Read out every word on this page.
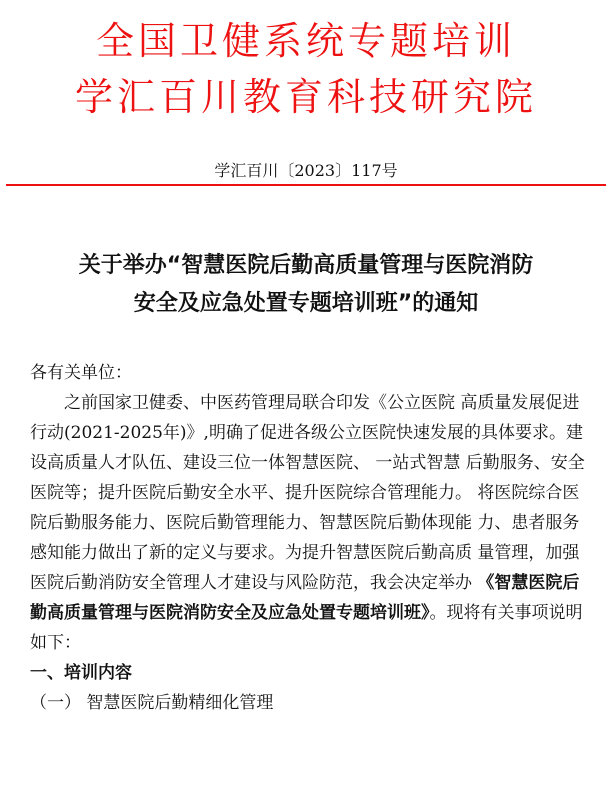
全国卫健系统专题培训
学汇百川教育科技研究院
学汇百川〔2023〕117号
关于举办“智慧医院后勤高质量管理与医院消防
安全及应急处置专题培训班”的通知

各有关单位：

之前国家卫健委、中医药管理局联合印发《公立医院 高质量发展促进行动(2021-2025年)》,明确了促进各级公立医院快速发展的具体要求。建设高质量人才队伍、建设三位一体智慧医院、 一站式智慧 后勤服务、安全医院等；提升医院后勤安全水平、提升医院综合管理能力。 将医院综合医院后勤服务能力、医院后勤管理能力、智慧医院后勤体现能 力、患者服务感知能力做出了新的定义与要求。为提升智慧医院后勤高质 量管理，加强医院后勤消防安全管理人才建设与风险防范，我会决定举办 《智慧医院后勤高质量管理与医院消防安全及应急处置专题培训班》。现将有关事项说明如下：

一、培训内容

（一） 智慧医院后勤精细化管理
